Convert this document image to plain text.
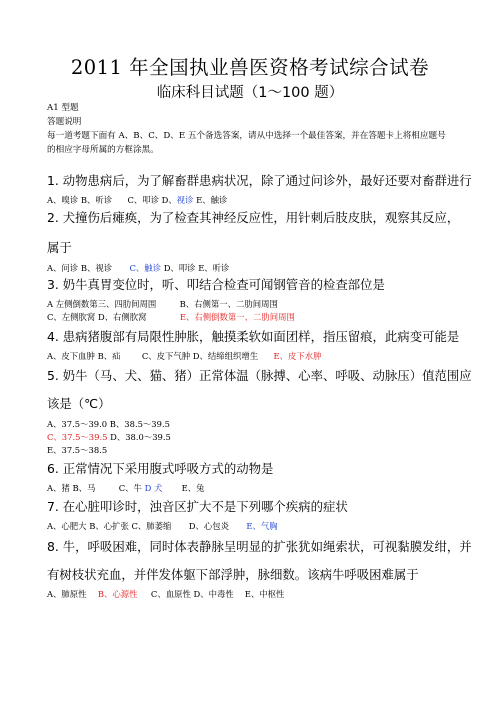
2011 年全国执业兽医资格考试综合试卷
临床科目试题（1～100 题）
A1 型题
答题说明
每一道考题下面有 A、B、C、D、E 五个备选答案，请从中选择一个最佳答案，并在答题卡上将相应题号
的相应字母所属的方框涂黑。
1. 动物患病后，为了解畜群患病状况，除了通过问诊外，最好还要对畜群进行
A、嗅诊 B、听诊 C、叩诊 D、视诊 E、触诊
2. 犬撞伤后瘫痪，为了检查其神经反应性，用针刺后肢皮肤，观察其反应，
属于
A、问诊 B、视诊 C、触诊 D、叩诊 E、听诊
3. 奶牛真胃变位时，听、叩结合检查可闻钢管音的检查部位是
A 左侧倒数第三、四肋间周围	B、右侧第一、二肋间周围
C、左侧肷窝 D、右侧肷窝	E、右侧倒数第一、二肋间周围
4. 患病猪腹部有局限性肿胀，触摸柔软如面团样，指压留痕，此病变可能是
A、皮下血肿 B、疝	C、皮下气肿 D、结缔组织增生 E、皮下水肿
5. 奶牛（马、犬、猫、猪）正常体温（脉搏、心率、呼吸、动脉压）值范围应
该是（℃）
A、37.5～39.0 B、38.5～39.5
C、37.5～39.5 D、38.0～39.5
E、37.5～38.5
6. 正常情况下采用腹式呼吸方式的动物是
A、猪 B、马	C、牛 D 犬 E、兔
7. 在心脏叩诊时，浊音区扩大不是下列哪个疾病的症状
A、心肥大 B、心扩张 C、肺萎缩 D、心包炎 E、气胸
8. 牛，呼吸困难，同时体表静脉呈明显的扩张犹如绳索状，可视黏膜发绀，并
有树枝状充血，并伴发体躯下部浮肿，脉细数。该病牛呼吸困难属于
A、肺原性 B、心源性 C、血原性 D、中毒性　 E、中枢性
